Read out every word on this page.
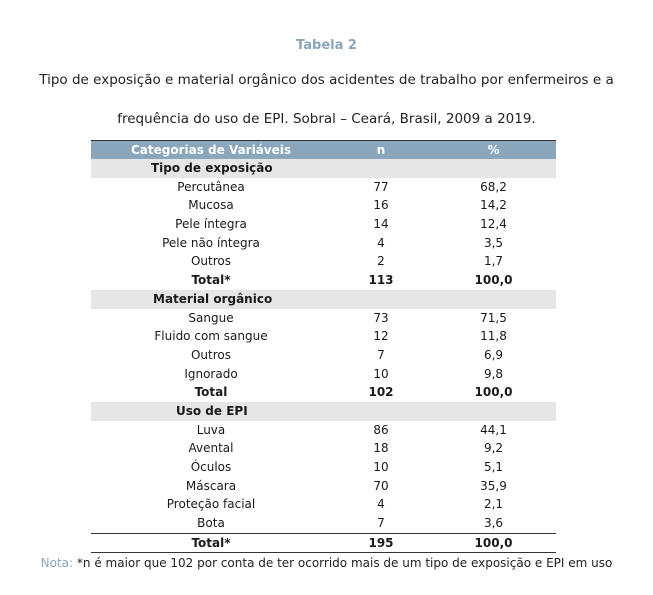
Tabela 2
Tipo de exposição e material orgânico dos acidentes de trabalho por enfermeiros e a
frequência do uso de EPI. Sobral – Ceará, Brasil, 2009 a 2019.
Categorias de Variáveis	n	%
Tipo de exposição
Percutânea	77	68,2
Mucosa	16	14,2
Pele íntegra	14	12,4
Pele não íntegra	4	3,5
Outros	2	1,7
Total*	113	100,0
Material orgânico
Sangue	73	71,5
Fluido com sangue	12	11,8
Outros	7	6,9
Ignorado	10	9,8
Total	102	100,0
Uso de EPI
Luva	86	44,1
Avental	18	9,2
Óculos	10	5,1
Máscara	70	35,9
Proteção facial	4	2,1
Bota	7	3,6
Total*	195	100,0
Nota: *n é maior que 102 por conta de ter ocorrido mais de um tipo de exposição e EPI em uso
